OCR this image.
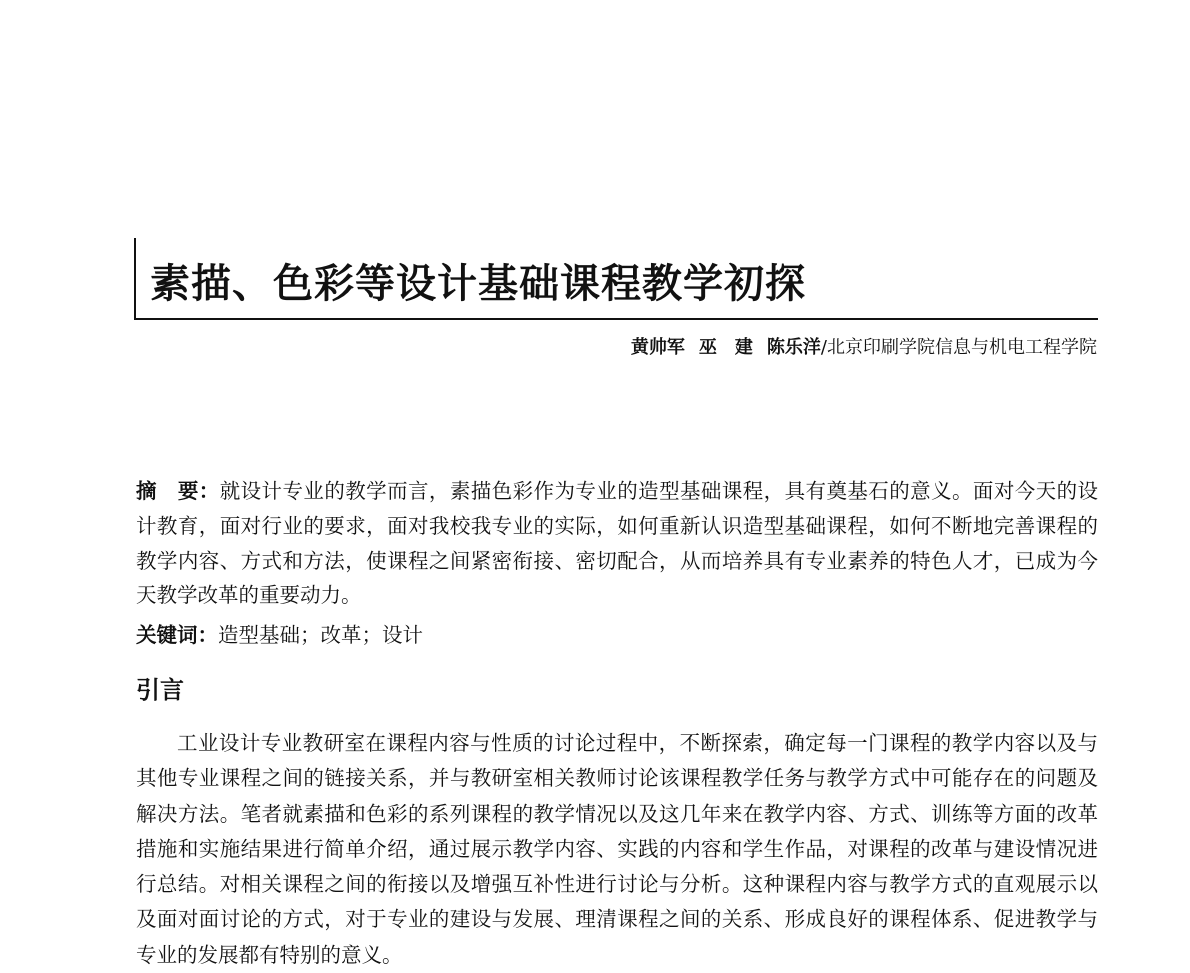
素描、色彩等设计基础课程教学初探
黄帅军 巫　建 陈乐洋/北京印刷学院信息与机电工程学院

摘　要：就设计专业的教学而言，素描色彩作为专业的造型基础课程，具有奠基石的意义。面对今天的设计教育，面对行业的要求，面对我校我专业的实际，如何重新认识造型基础课程，如何不断地完善课程的教学内容、方式和方法，使课程之间紧密衔接、密切配合，从而培养具有专业素养的特色人才，已成为今天教学改革的重要动力。

关键词：造型基础；改革；设计

引言

工业设计专业教研室在课程内容与性质的讨论过程中，不断探索，确定每一门课程的教学内容以及与其他专业课程之间的链接关系，并与教研室相关教师讨论该课程教学任务与教学方式中可能存在的问题及解决方法。笔者就素描和色彩的系列课程的教学情况以及这几年来在教学内容、方式、训练等方面的改革措施和实施结果进行简单介绍，通过展示教学内容、实践的内容和学生作品，对课程的改革与建设情况进行总结。对相关课程之间的衔接以及增强互补性进行讨论与分析。这种课程内容与教学方式的直观展示以及面对面讨论的方式，对于专业的建设与发展、理清课程之间的关系、形成良好的课程体系、促进教学与专业的发展都有特别的意义。
